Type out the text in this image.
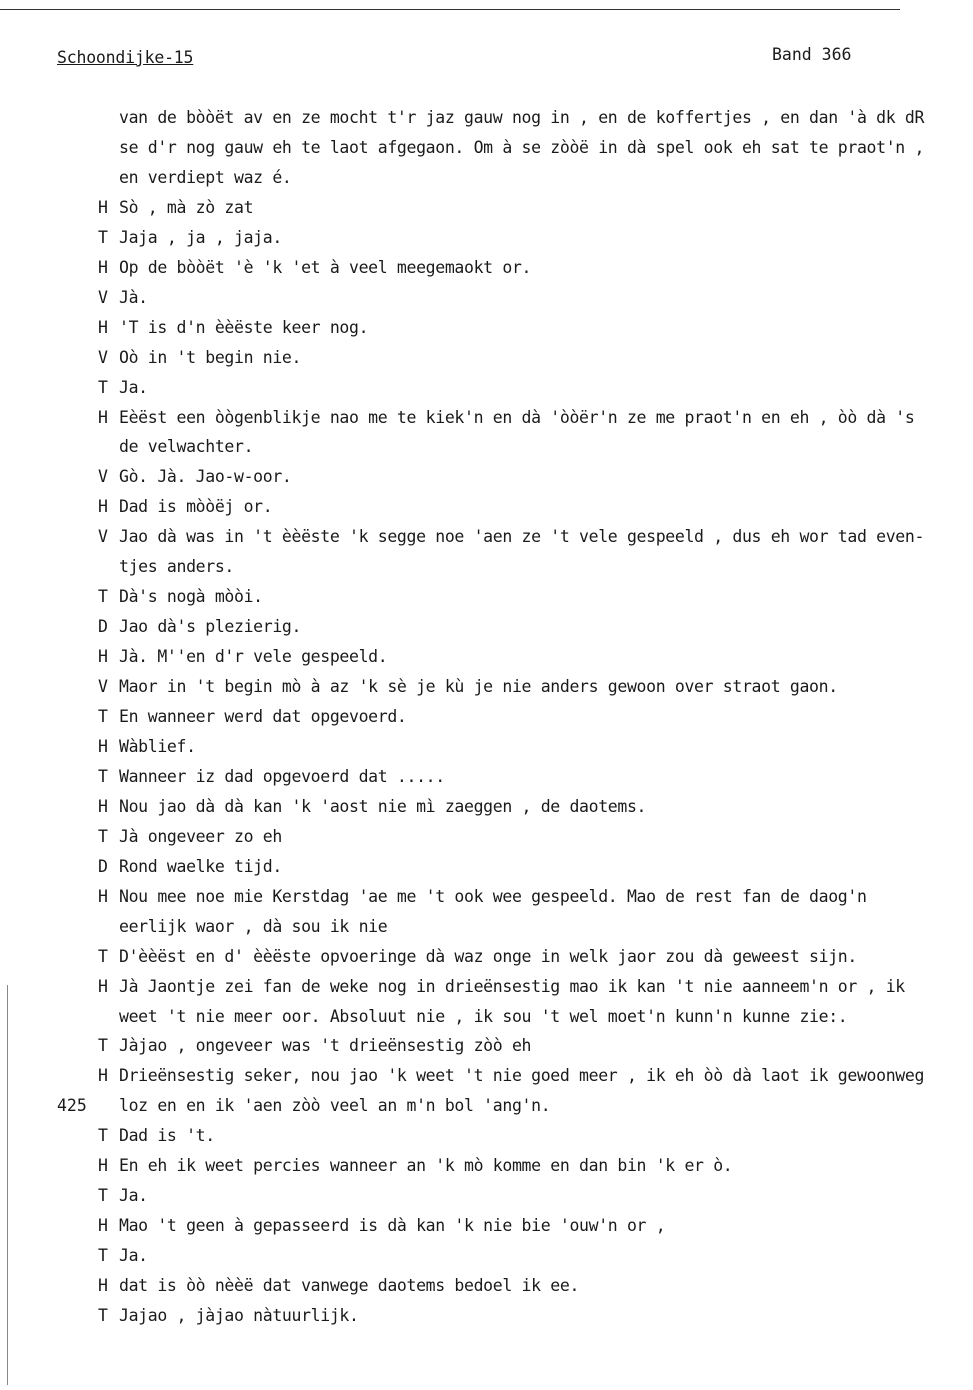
Schoondijke-15	Band 366
van de bòòët av en ze mocht t'r jaz gauw nog in , en de koffertjes , en dan 'à dk dR
se d'r nog gauw eh te laot afgegaon. Om à se zòòë in dà spel ook eh sat te praot'n ,
en verdiept waz é.
H Sò , mà zò zat
T Jaja , ja , jaja.
H Op de bòòët 'è 'k 'et à veel meegemaokt or.
V Jà.
H 'T is d'n èèëste keer nog.
V Oò in 't begin nie.
T Ja.
H Eèëst een òògenblikje nao me te kiek'n en dà 'òòër'n ze me praot'n en eh , òò dà 's
de velwachter.
V Gò. Jà. Jao-w-oor.
H Dad is mòòëj or.
V Jao dà was in 't èèëste 'k segge noe 'aen ze 't vele gespeeld , dus eh wor tad even-
tjes anders.
T Dà's nogà mòòi.
D Jao dà's plezierig.
H Jà. M''en d'r vele gespeeld.
V Maor in 't begin mò à az 'k sè je kù je nie anders gewoon over straot gaon.
T En wanneer werd dat opgevoerd.
H Wàblief.
T Wanneer iz dad opgevoerd dat .....
H Nou jao dà dà kan 'k 'aost nie mì zaeggen , de daotems.
T Jà ongeveer zo eh
D Rond waelke tijd.
H Nou mee noe mie Kerstdag 'ae me 't ook wee gespeeld. Mao de rest fan de daog'n
eerlijk waor , dà sou ik nie
T D'èèëst en d' èèëste opvoeringe dà waz onge in welk jaor zou dà geweest sijn.
H Jà Jaontje zei fan de weke nog in drieënsestig mao ik kan 't nie aanneem'n or , ik
weet 't nie meer oor. Absoluut nie , ik sou 't wel moet'n kunn'n kunne zie:.
T Jàjao , ongeveer was 't drieënsestig zòò eh
H Drieënsestig seker, nou jao 'k weet 't nie goed meer , ik eh òò dà laot ik gewoonweg
425 loz en en ik 'aen zòò veel an m'n bol 'ang'n.
T Dad is 't.
H En eh ik weet percies wanneer an 'k mò komme en dan bin 'k er ò.
T Ja.
H Mao 't geen à gepasseerd is dà kan 'k nie bie 'ouw'n or ,
T Ja.
H dat is òò nèèë dat vanwege daotems bedoel ik ee.
T Jajao , jàjao nàtuurlijk.
